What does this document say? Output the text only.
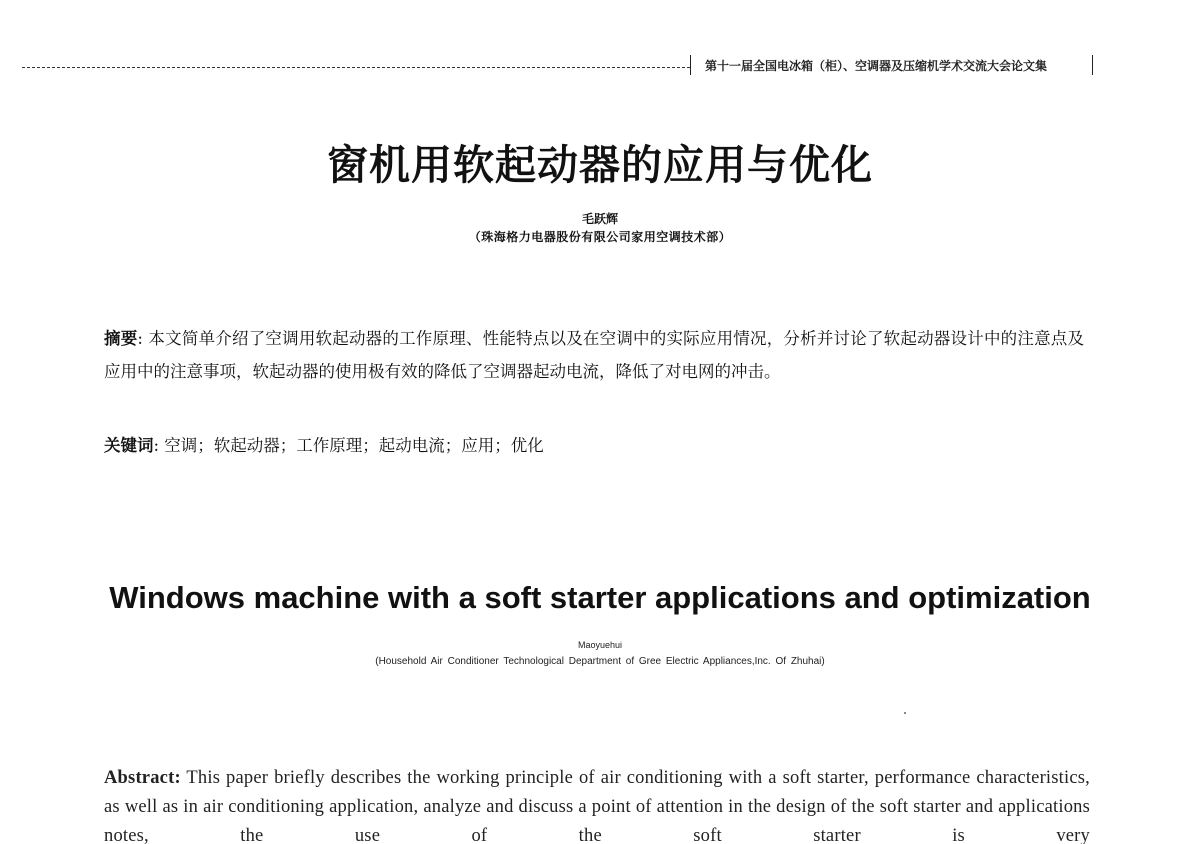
第十一届全国电冰箱（柜）、空调器及压缩机学术交流大会论文集
窗机用软起动器的应用与优化
毛跃辉
（珠海格力电器股份有限公司家用空调技术部）
摘要: 本文简单介绍了空调用软起动器的工作原理、性能特点以及在空调中的实际应用情况，分析并讨论了软起动器设计中的注意点及应用中的注意事项，软起动器的使用极有效的降低了空调器起动电流，降低了对电网的冲击。
关键词: 空调；软起动器；工作原理；起动电流；应用；优化
Windows machine with a soft starter applications and optimization
Maoyuehui
(Household Air Conditioner Technological Department of Gree Electric Appliances,Inc. Of Zhuhai)
Abstract: This paper briefly describes the working principle of air conditioning with a soft starter, performance characteristics, as well as in air conditioning application, analyze and discuss a point of attention in the design of the soft starter and applications notes, the use of the soft starter is very
